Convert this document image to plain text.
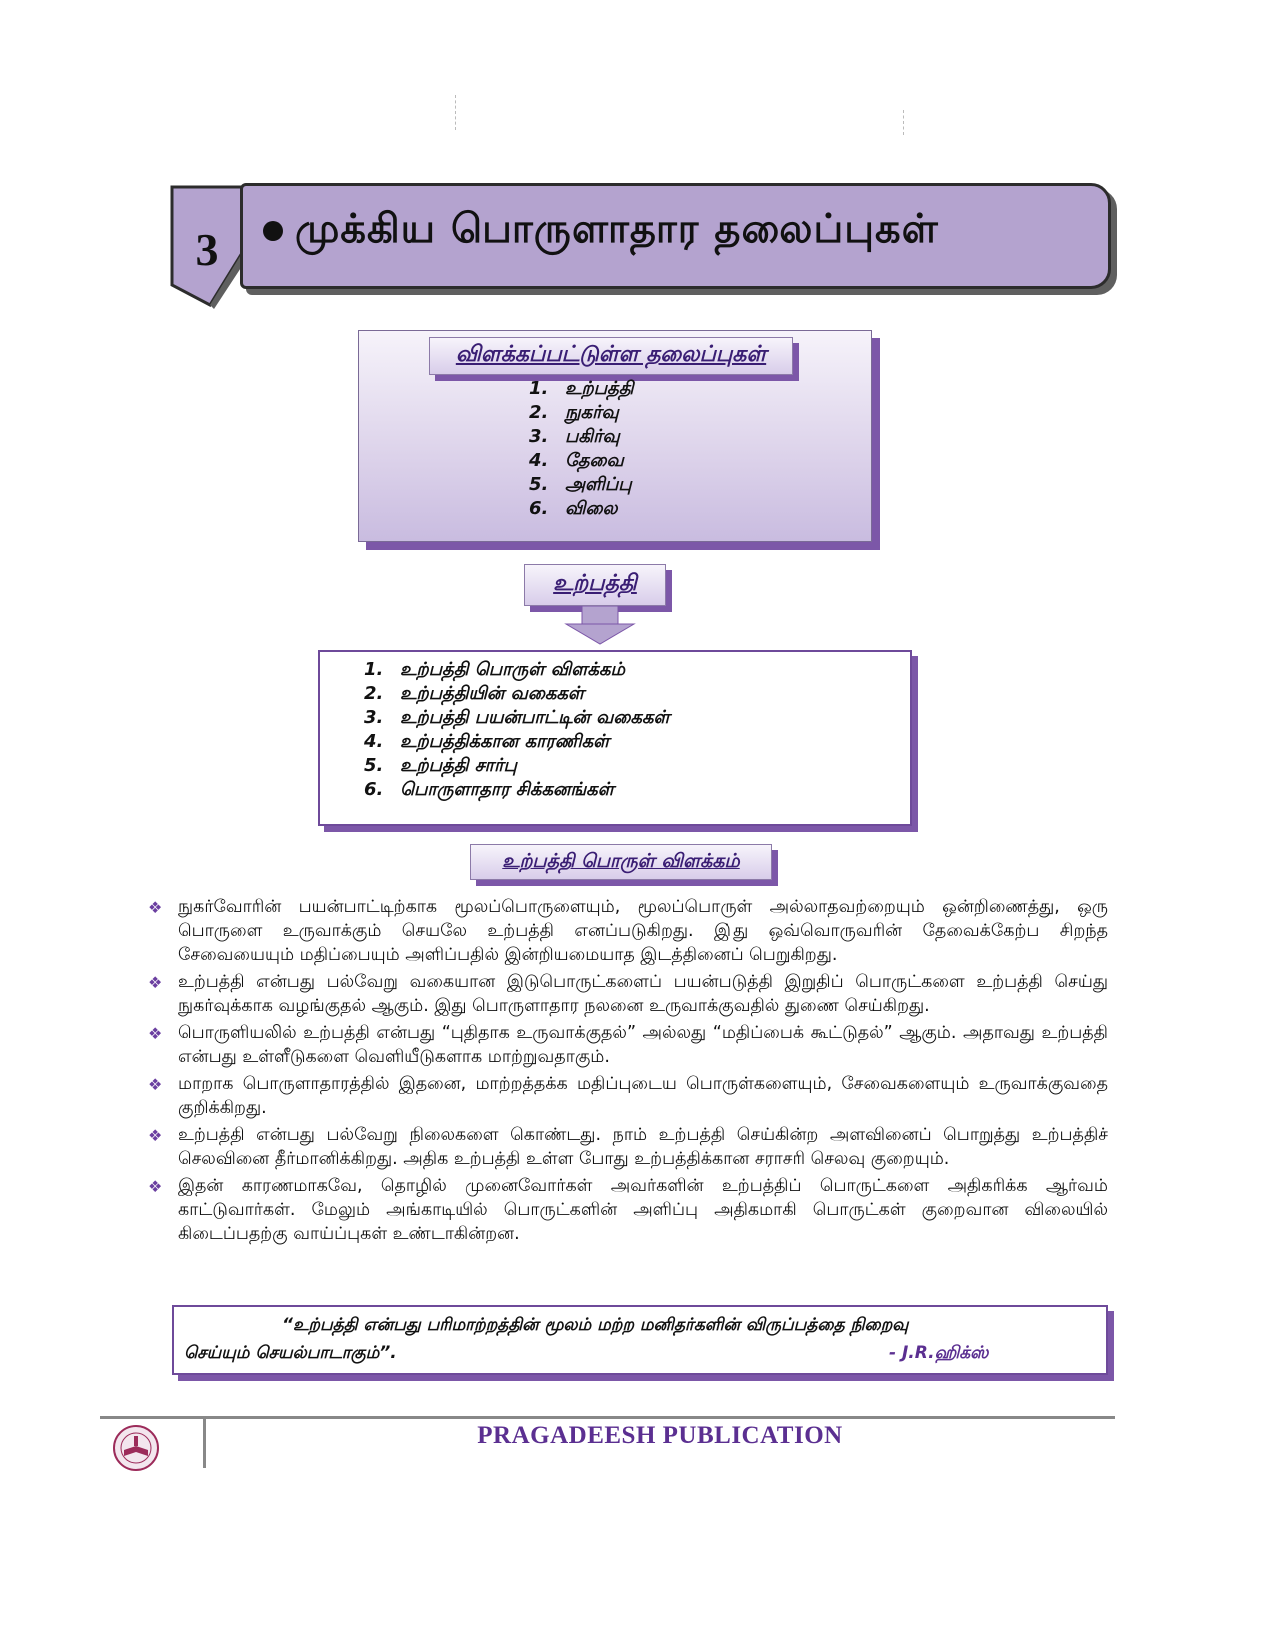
3	முக்கிய பொருளாதார தலைப்புகள்
விளக்கப்பட்டுள்ள தலைப்புகள்
1. உற்பத்தி
2. நுகர்வு
3. பகிர்வு
4. தேவை
5. அளிப்பு
6. விலை
உற்பத்தி
1. உற்பத்தி பொருள் விளக்கம்
2. உற்பத்தியின் வகைகள்
3. உற்பத்தி பயன்பாட்டின் வகைகள்
4. உற்பத்திக்கான காரணிகள்
5. உற்பத்தி சார்பு
6. பொருளாதார சிக்கனங்கள்
உற்பத்தி பொருள் விளக்கம்
❖ நுகர்வோரின் பயன்பாட்டிற்காக மூலப்பொருளையும், மூலப்பொருள் அல்லாதவற்றையும் ஒன்றிணைத்து, ஒரு பொருளை உருவாக்கும் செயலே உற்பத்தி எனப்படுகிறது. இ்து ஒவ்வொருவரின் தேவைக்கேற்ப சிறந்த சேவையையும் மதிப்பையும் அளிப்பதில் இன்றியமையாத இடத்தினைப் பெறுகிறது.
❖ உற்பத்தி என்பது பல்வேறு வகையான இடுபொருட்களைப் பயன்படுத்தி இறுதிப் பொருட்களை உற்பத்தி செய்து நுகர்வுக்காக வழங்குதல் ஆகும். இது பொருளாதார நலனை உருவாக்குவதில் துணை செய்கிறது.
❖ பொருளியலில் உற்பத்தி என்பது “புதிதாக உருவாக்குதல்” அல்லது “மதிப்பைக் கூட்டுதல்” ஆகும். அதாவது உற்பத்தி என்பது உள்ளீடுகளை வெளியீடுகளாக மாற்றுவதாகும்.
❖ மாறாக பொருளாதாரத்தில் இதனை, மாற்றத்தக்க மதிப்புடைய பொருள்களையும், சேவைகளையும் உருவாக்குவதை குறிக்கிறது.
❖ உற்பத்தி என்பது பல்வேறு நிலைகளை கொண்டது. நாம் உற்பத்தி செய்கின்ற அளவினைப் பொறுத்து உற்பத்திச் செலவினை தீர்மானிக்கிறது. அதிக உற்பத்தி உள்ள போது உற்பத்திக்கான சராசரி செலவு குறையும்.
❖ இதன் காரணமாகவே, தொழில் முனைவோர்கள் அவர்களின் உற்பத்திப் பொருட்களை அதிகரிக்க ஆர்வம் காட்டுவார்கள். மேலும் அங்காடியில் பொருட்களின் அளிப்பு அதிகமாகி பொருட்கள் குறைவான விலையில் கிடைப்பதற்கு வாய்ப்புகள் உண்டாகின்றன.
“உற்பத்தி என்பது பரிமாற்றத்தின் மூலம் மற்ற மனிதர்களின் விருப்பத்தை நிறைவு
செய்யும் செயல்பாடாகும்”.	- J.R.ஹிக்ஸ்
PRAGADEESH PUBLICATION
